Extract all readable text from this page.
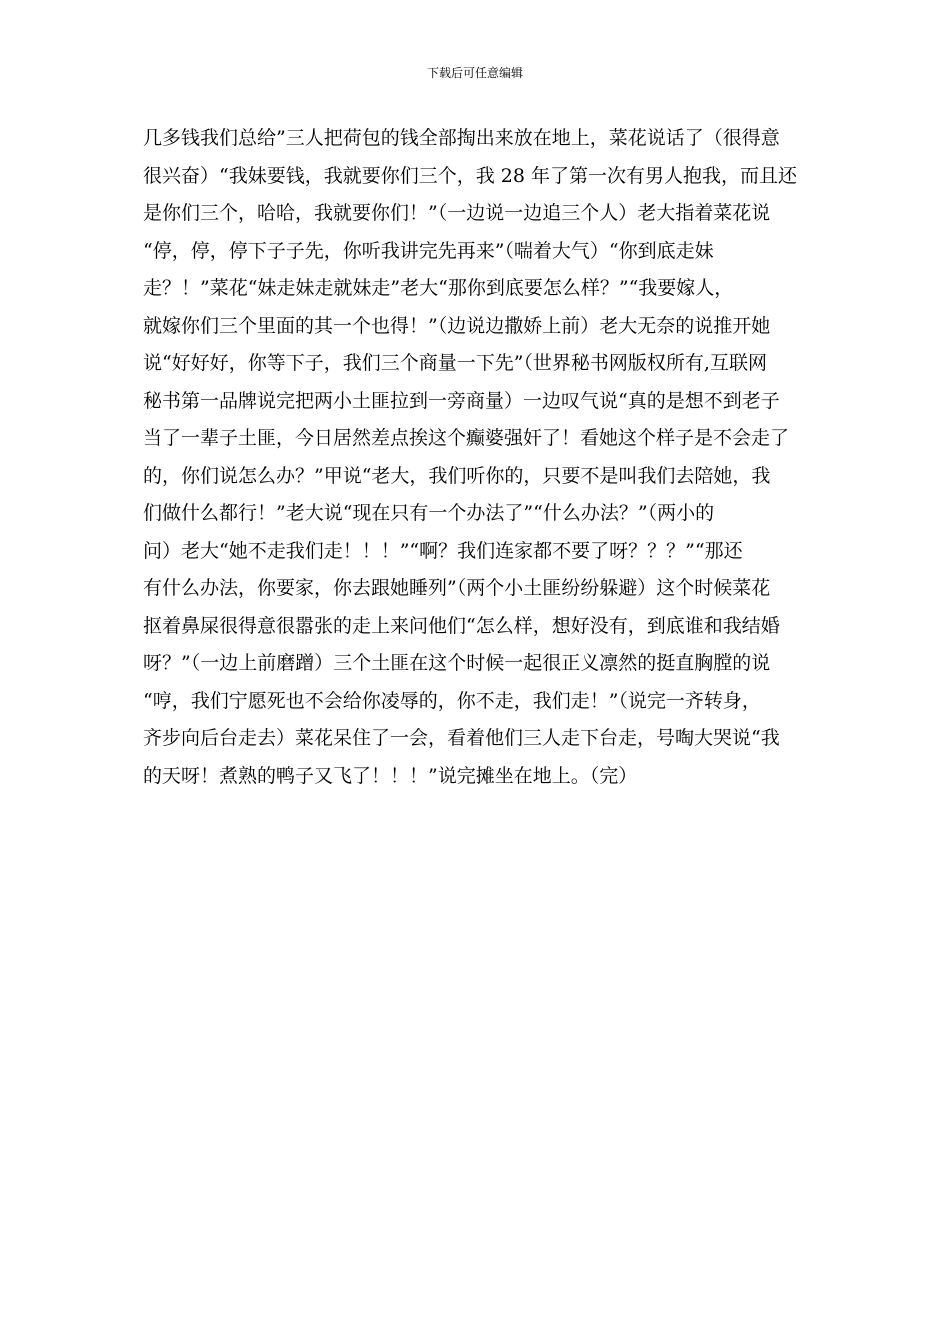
下载后可任意编辑
几多钱我们总给”三人把荷包的钱全部掏出来放在地上，菜花说话了（很得意
很兴奋）“我妹要钱，我就要你们三个，我 28 年了第一次有男人抱我，而且还
是你们三个，哈哈，我就要你们！”（一边说一边追三个人）老大指着菜花说
“停，停，停下子子先，你听我讲完先再来”（喘着大气）“你到底走妹
走？！”菜花“妹走妹走就妹走”老大“那你到底要怎么样？”“我要嫁人，
就嫁你们三个里面的其一个也得！”（边说边撒娇上前）老大无奈的说推开她
说“好好好，你等下子，我们三个商量一下先”（世界秘书网版权所有,互联网
秘书第一品牌说完把两小土匪拉到一旁商量）一边叹气说“真的是想不到老子
当了一辈子土匪，今日居然差点挨这个癫婆强奸了！看她这个样子是不会走了
的，你们说怎么办？”甲说“老大，我们听你的，只要不是叫我们去陪她，我
们做什么都行！”老大说“现在只有一个办法了”“什么办法？”（两小的
问）老大“她不走我们走！！！”“啊？我们连家都不要了呀？？？”“那还
有什么办法，你要家，你去跟她睡列”（两个小土匪纷纷躲避）这个时候菜花
抠着鼻屎很得意很嚣张的走上来问他们“怎么样，想好没有，到底谁和我结婚
呀？”（一边上前磨蹭）三个土匪在这个时候一起很正义凛然的挺直胸膛的说
“哼，我们宁愿死也不会给你凌辱的，你不走，我们走！”（说完一齐转身，
齐步向后台走去）菜花呆住了一会，看着他们三人走下台走，号啕大哭说“我
的天呀！煮熟的鸭子又飞了！！！”说完摊坐在地上。（完）
